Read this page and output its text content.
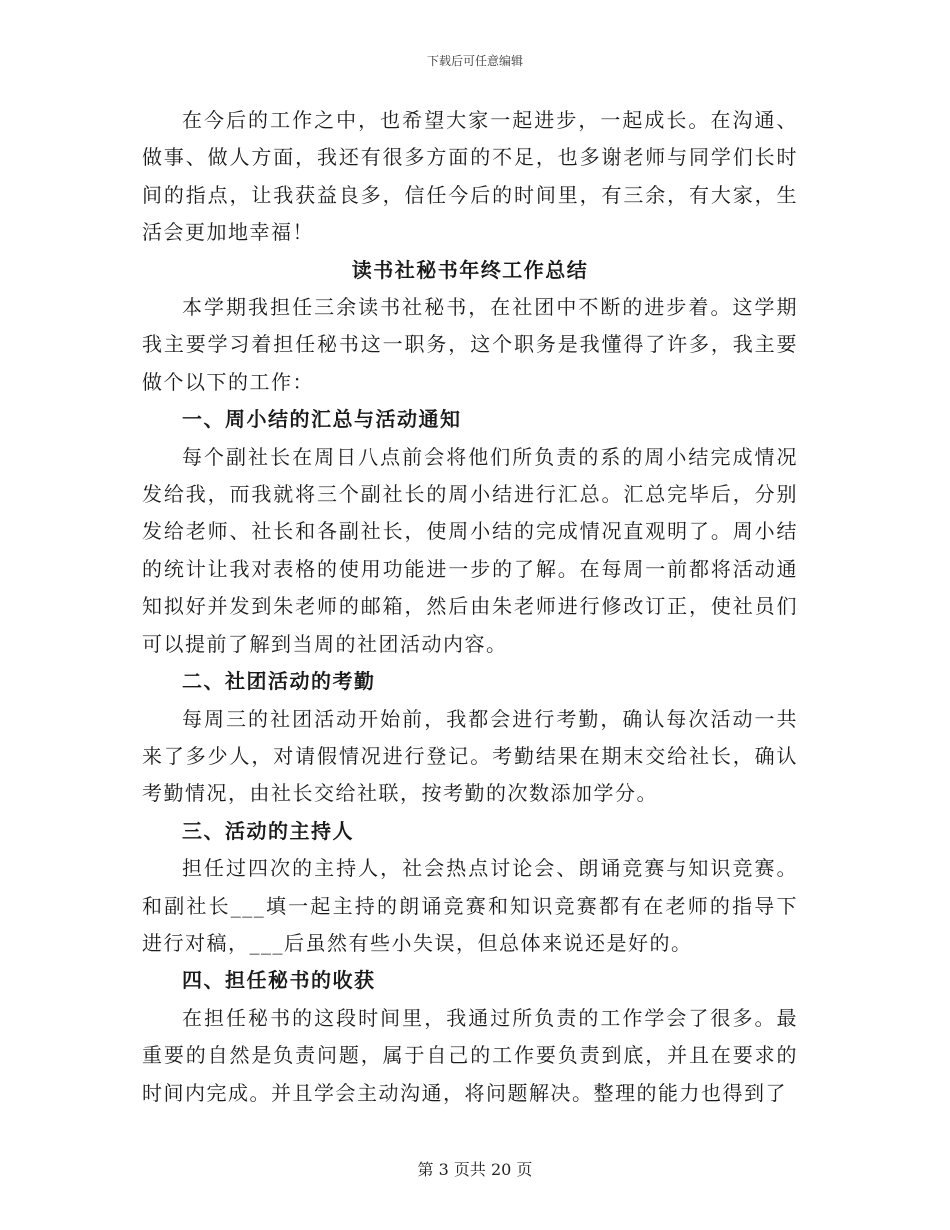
下载后可任意编辑

在今后的工作之中，也希望大家一起进步，一起成长。在沟通、做事、做人方面，我还有很多方面的不足，也多谢老师与同学们长时间的指点，让我获益良多，信任今后的时间里，有三余，有大家，生活会更加地幸福！

读书社秘书年终工作总结

本学期我担任三余读书社秘书，在社团中不断的进步着。这学期我主要学习着担任秘书这一职务，这个职务是我懂得了许多，我主要做个以下的工作：

一、周小结的汇总与活动通知

每个副社长在周日八点前会将他们所负责的系的周小结完成情况发给我，而我就将三个副社长的周小结进行汇总。汇总完毕后，分别发给老师、社长和各副社长，使周小结的完成情况直观明了。周小结的统计让我对表格的使用功能进一步的了解。在每周一前都将活动通知拟好并发到朱老师的邮箱，然后由朱老师进行修改订正，使社员们可以提前了解到当周的社团活动内容。

二、社团活动的考勤

每周三的社团活动开始前，我都会进行考勤，确认每次活动一共来了多少人，对请假情况进行登记。考勤结果在期末交给社长，确认考勤情况，由社长交给社联，按考勤的次数添加学分。

三、活动的主持人

担任过四次的主持人，社会热点讨论会、朗诵竞赛与知识竞赛。和副社长___填一起主持的朗诵竞赛和知识竞赛都有在老师的指导下进行对稿，___后虽然有些小失误，但总体来说还是好的。

四、担任秘书的收获

在担任秘书的这段时间里，我通过所负责的工作学会了很多。最重要的自然是负责问题，属于自己的工作要负责到底，并且在要求的时间内完成。并且学会主动沟通，将问题解决。整理的能力也得到了

第 3 页共 20 页
